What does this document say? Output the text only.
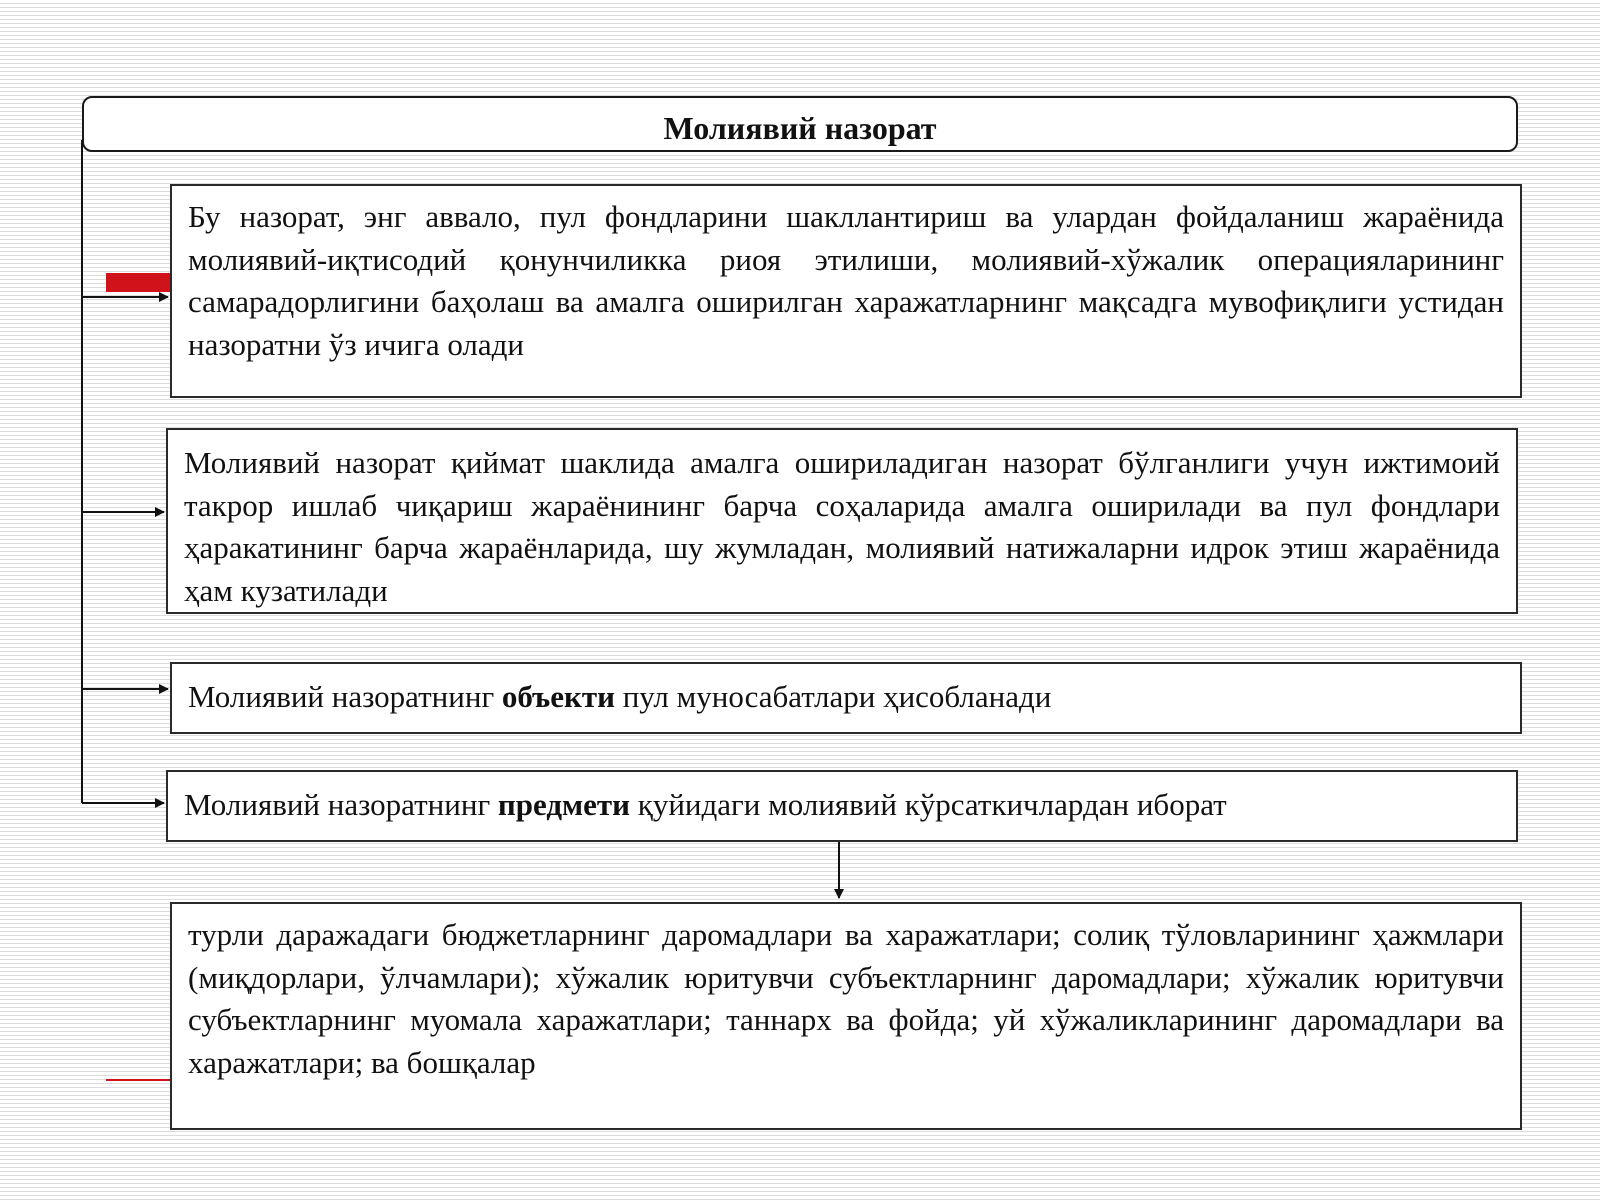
Молиявий назорат

Бу назорат, энг аввало, пул фондларини шакллантириш ва улардан фойдаланиш жараёнида молиявий-иқтисодий қонунчиликка риоя этилиши, молиявий-хўжалик операцияларининг самарадорлигини баҳолаш ва амалга оширилган харажатларнинг мақсадга мувофиқлиги устидан назоратни ўз ичига олади

Молиявий назорат қиймат шаклида амалга ошириладиган назорат бўлганлиги учун ижтимоий такрор ишлаб чиқариш жараёнининг барча соҳаларида амалга оширилади ва пул фондлари ҳаракатининг барча жараёнларида, шу жумладан, молиявий натижаларни идрок этиш жараёнида ҳам кузатилади

Молиявий назоратнинг объекти пул муносабатлари ҳисобланади

Молиявий назоратнинг предмети қуйидаги молиявий кўрсаткичлардан иборат

турли даражадаги бюджетларнинг даромадлари ва харажатлари; солиқ тўловларининг ҳажмлари (миқдорлари, ўлчамлари); хўжалик юритувчи субъектларнинг даромадлари; хўжалик юритувчи субъектларнинг муомала харажатлари; таннарх ва фойда; уй хўжаликларининг даромадлари ва харажатлари; ва бошқалар
